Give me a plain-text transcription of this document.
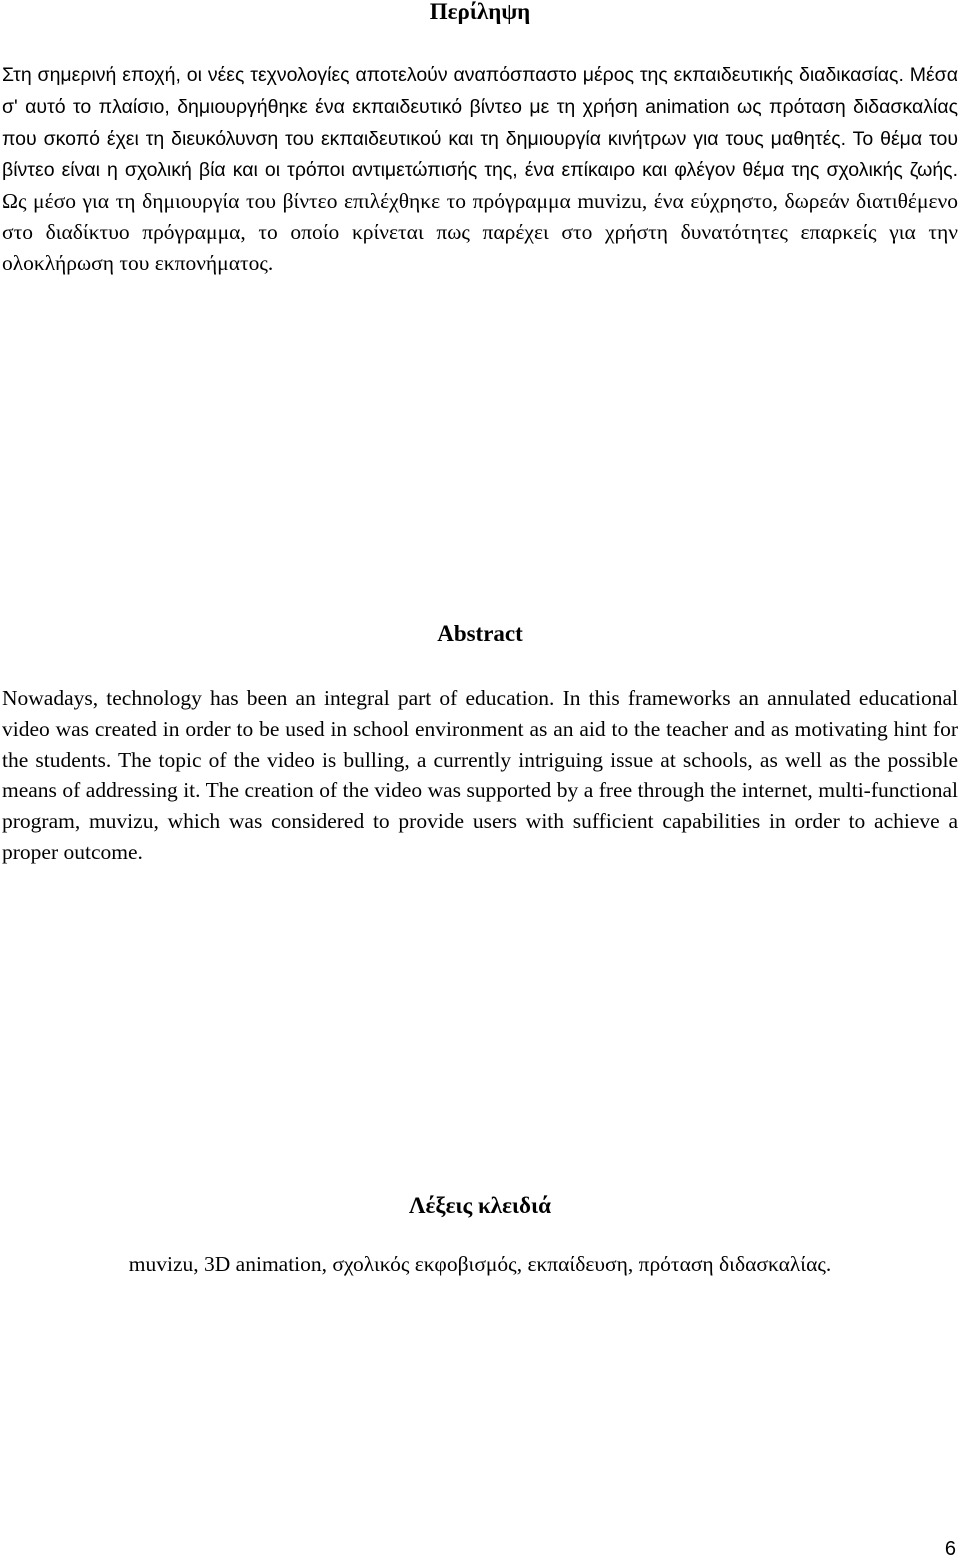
Περίληψη

Στη σημερινή εποχή, οι νέες τεχνολογίες αποτελούν αναπόσπαστο μέρος της εκπαιδευτικής διαδικασίας. Μέσα σ' αυτό το πλαίσιο, δημιουργήθηκε ένα εκπαιδευτικό βίντεο με τη χρήση animation ως πρόταση διδασκαλίας που σκοπό έχει τη διευκόλυνση του εκπαιδευτικού και τη δημιουργία κινήτρων για τους μαθητές. Το θέμα του βίντεο είναι η σχολική βία και οι τρόποι αντιμετώπισής της, ένα επίκαιρο και φλέγον θέμα της σχολικής ζωής. Ως μέσο για τη δημιουργία του βίντεο επιλέχθηκε το πρόγραμμα muvizu, ένα εύχρηστο, δωρεάν διατιθέμενο στο διαδίκτυο πρόγραμμα, το οποίο κρίνεται πως παρέχει στο χρήστη δυνατότητες επαρκείς για την ολοκλήρωση του εκπονήματος.

Abstract

Nowadays, technology has been an integral part of education. In this frameworks an annulated educational video was created in order to be used in school environment as an aid to the teacher and as motivating hint for the students. The topic of the video is bulling, a currently intriguing issue at schools, as well as the possible means of addressing it. The creation of the video was supported by a free through the internet, multi-functional program, muvizu, which was considered to provide users with sufficient capabilities in order to achieve a proper outcome.

Λέξεις κλειδιά

muvizu, 3D animation, σχολικός εκφοβισμός, εκπαίδευση, πρόταση διδασκαλίας.

6
